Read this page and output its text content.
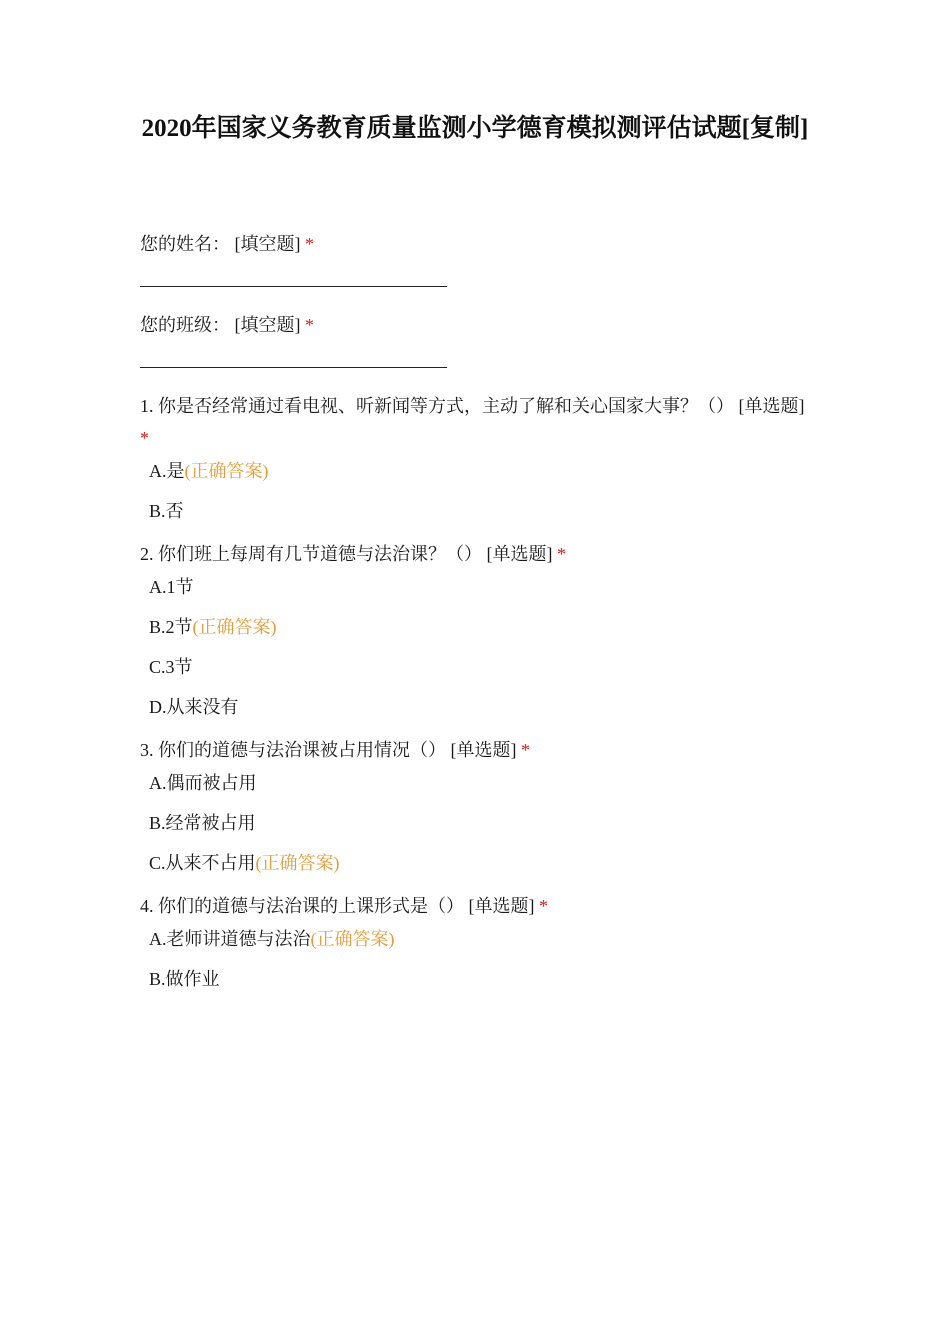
2020年国家义务教育质量监测小学德育模拟测评估试题[复制]
您的姓名： [填空题] *
您的班级： [填空题] *
1. 你是否经常通过看电视、听新闻等方式，主动了解和关心国家大事？（） [单选题] *
A.是(正确答案)
B.否
2. 你们班上每周有几节道德与法治课？（） [单选题] *
A.1节
B.2节(正确答案)
C.3节
D.从来没有
3. 你们的道德与法治课被占用情况（） [单选题] *
A.偶而被占用
B.经常被占用
C.从来不占用(正确答案)
4. 你们的道德与法治课的上课形式是（） [单选题] *
A.老师讲道德与法治(正确答案)
B.做作业
